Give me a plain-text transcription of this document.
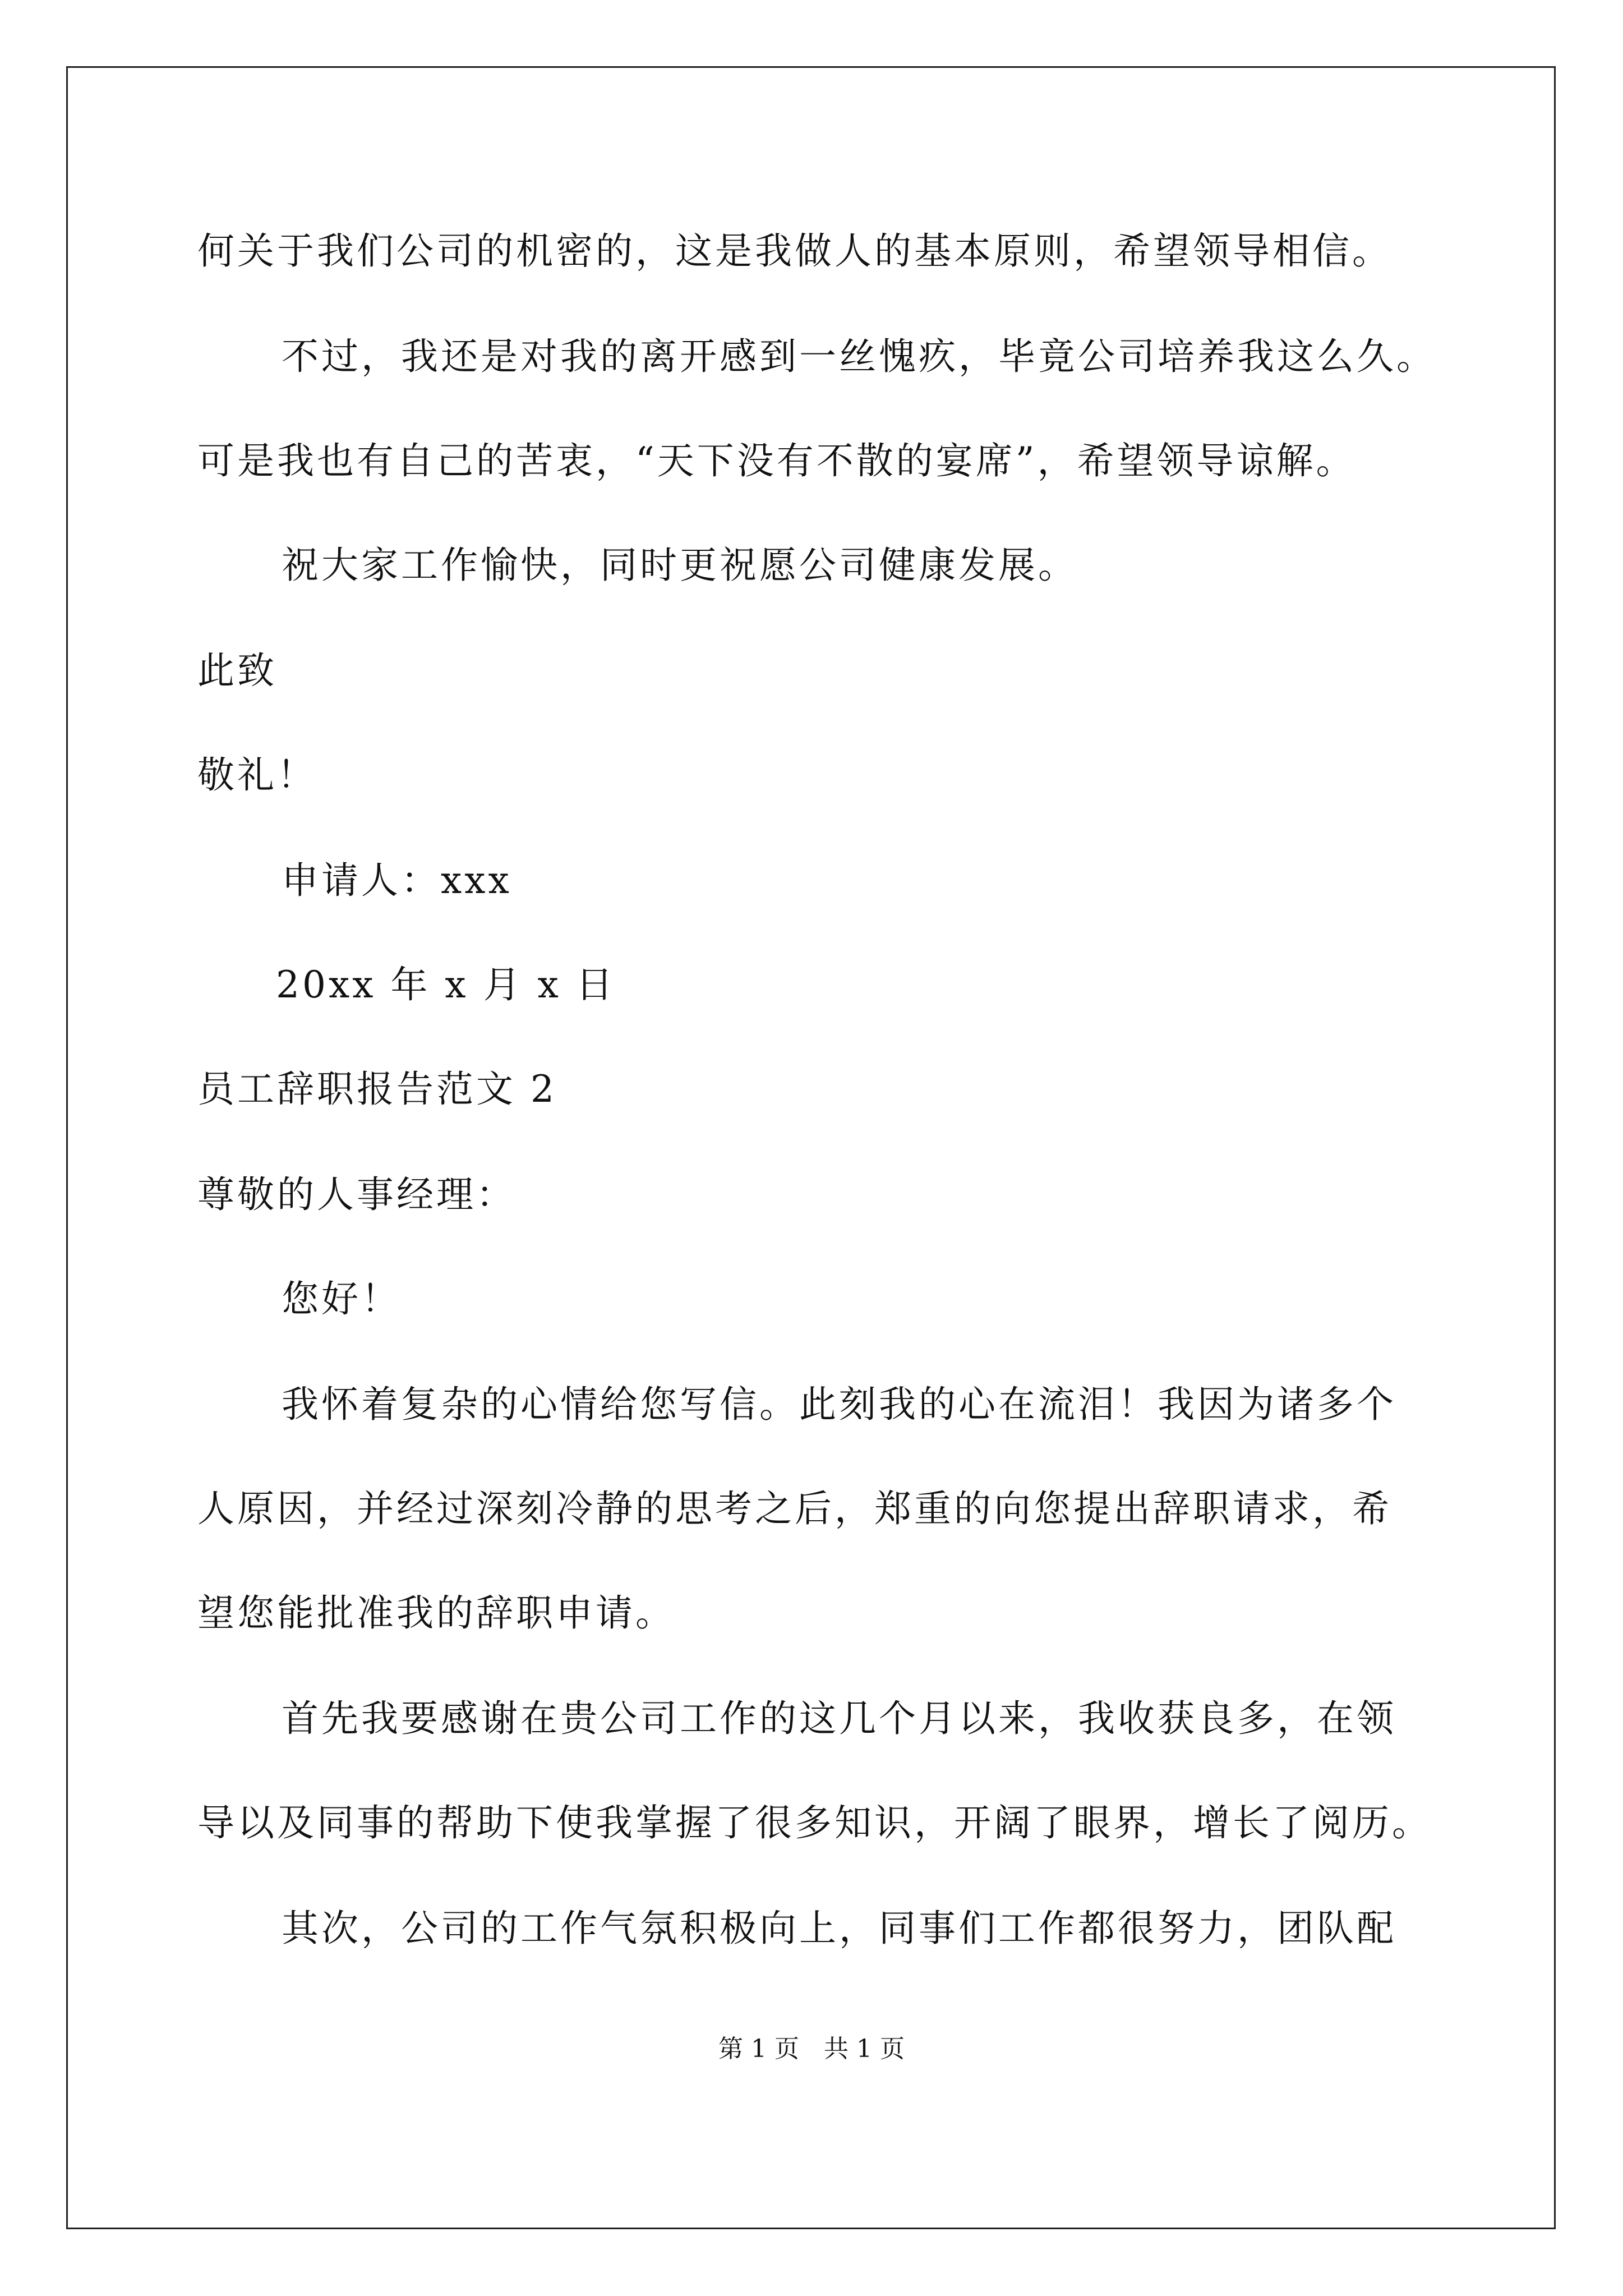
何关于我们公司的机密的，这是我做人的基本原则，希望领导相信。
不过，我还是对我的离开感到一丝愧疚，毕竟公司培养我这么久。
可是我也有自己的苦衷，“天下没有不散的宴席”，希望领导谅解。
祝大家工作愉快，同时更祝愿公司健康发展。
此致
敬礼！
申请人：xxx
20xx 年 x 月 x 日
员工辞职报告范文 2
尊敬的人事经理：
您好！
我怀着复杂的心情给您写信。此刻我的心在流泪！我因为诸多个
人原因，并经过深刻冷静的思考之后，郑重的向您提出辞职请求，希
望您能批准我的辞职申请。
首先我要感谢在贵公司工作的这几个月以来，我收获良多，在领
导以及同事的帮助下使我掌握了很多知识，开阔了眼界，增长了阅历。
其次，公司的工作气氛积极向上，同事们工作都很努力，团队配
第 1 页　共 1 页
